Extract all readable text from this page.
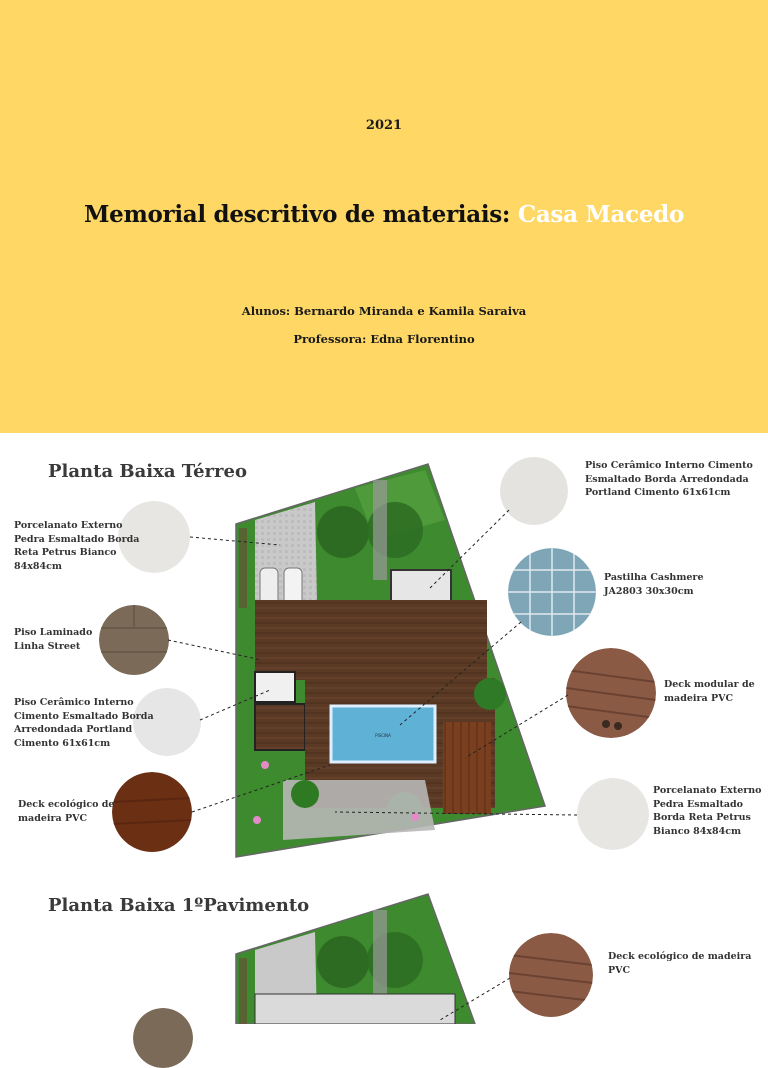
2021
Memorial descritivo de materiais: Casa Macedo
Alunos: Bernardo Miranda e Kamila Saraiva
Professora: Edna Florentino
Planta Baixa Térreo
PISCINA
Porcelanato Externo
Pedra Esmaltado Borda
Reta Petrus Bianco
84x84cm
Piso Laminado
Linha Street
Piso Cerâmico Interno
Cimento Esmaltado Borda
Arredondada Portland
Cimento 61x61cm
Deck ecológico de
madeira PVC
Piso Cerâmico Interno Cimento
Esmaltado Borda Arredondada
Portland Cimento 61x61cm
Pastilha Cashmere
JA2803 30x30cm
Deck modular de
madeira PVC
Porcelanato Externo
Pedra Esmaltado
Borda Reta Petrus
Bianco 84x84cm
Planta Baixa 1ºPavimento
Deck ecológico de madeira
PVC
